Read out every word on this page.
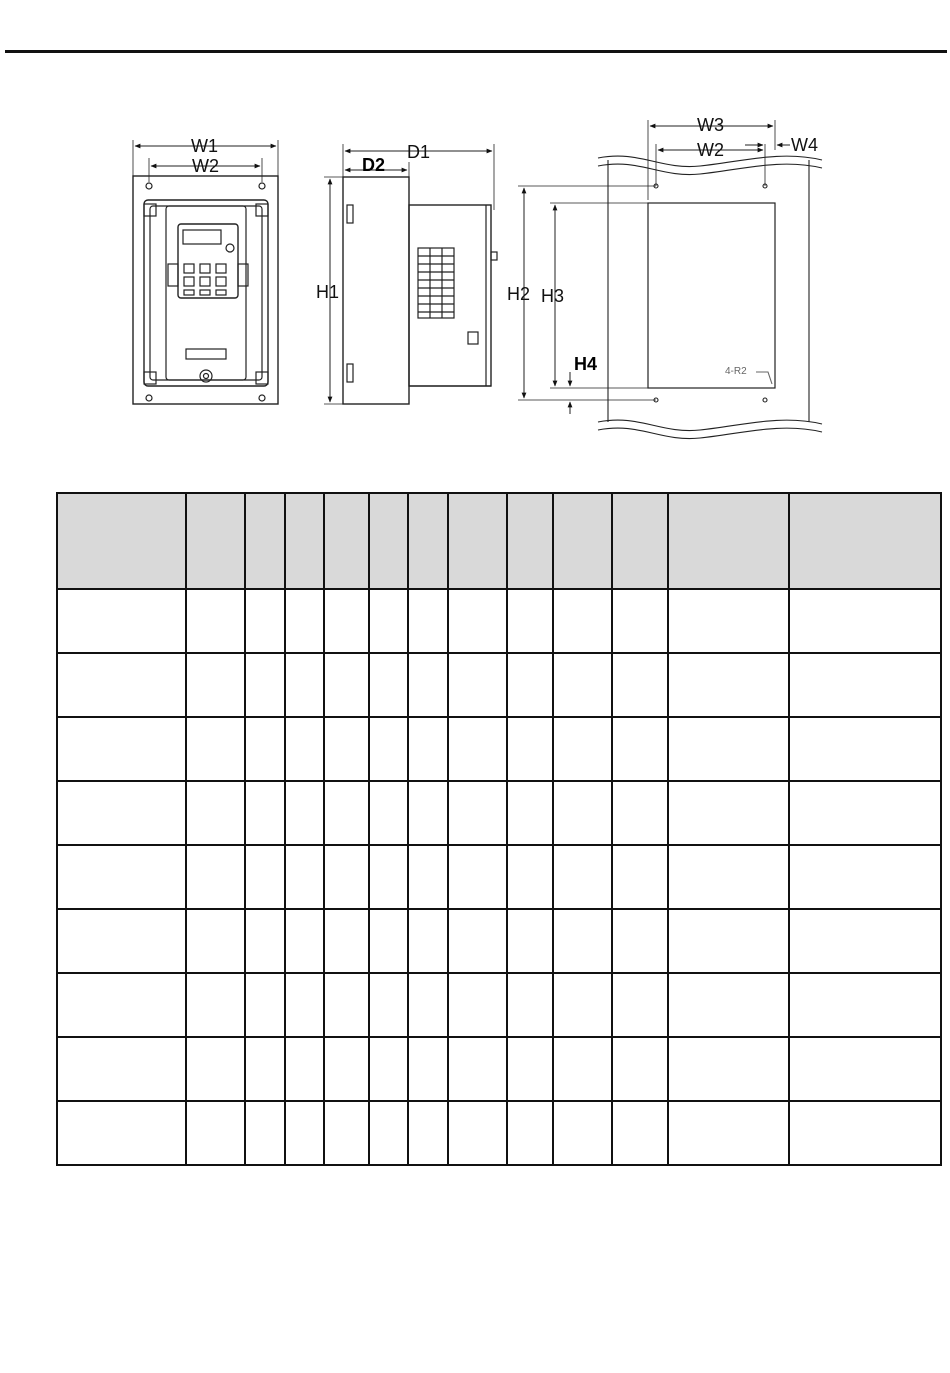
W1
W2
D1
D2
H1
W3
W2	W4
H2 H3
H4	4-R2
